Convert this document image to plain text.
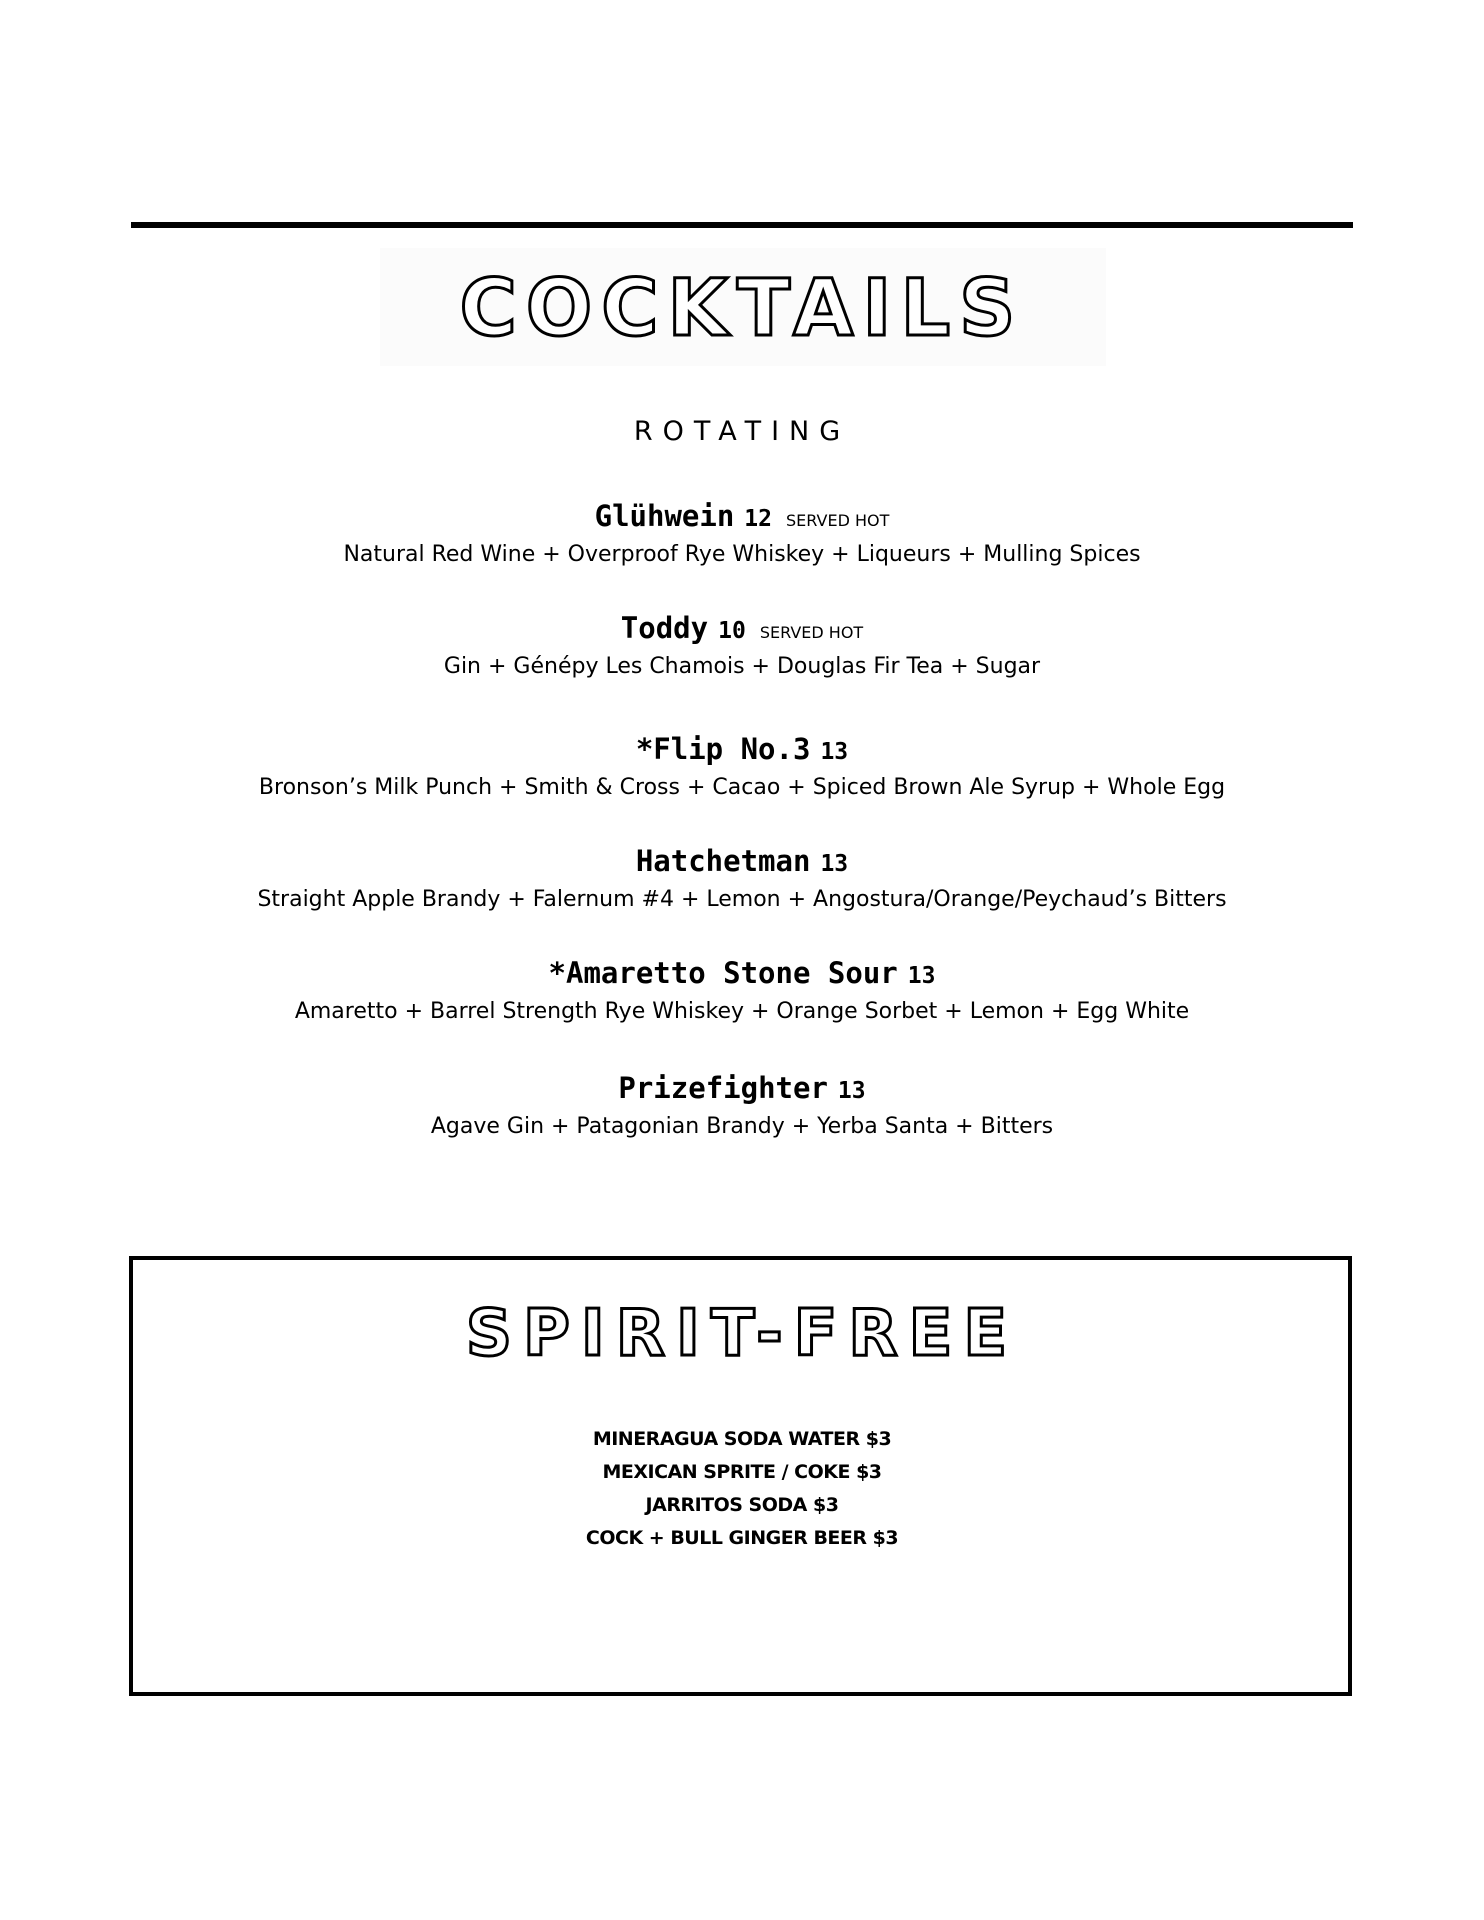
COCKTAILS
ROTATING
Glühwein 12 SERVED HOT
Natural Red Wine + Overproof Rye Whiskey + Liqueurs + Mulling Spices
Toddy 10 SERVED HOT
Gin + Génépy Les Chamois + Douglas Fir Tea + Sugar
*Flip No.3 13
Bronson’s Milk Punch + Smith & Cross + Cacao + Spiced Brown Ale Syrup + Whole Egg
Hatchetman 13
Straight Apple Brandy + Falernum #4 + Lemon + Angostura/Orange/Peychaud’s Bitters
*Amaretto Stone Sour 13
Amaretto + Barrel Strength Rye Whiskey + Orange Sorbet + Lemon + Egg White
Prizefighter 13
Agave Gin + Patagonian Brandy + Yerba Santa + Bitters
SPIRIT-FREE
MINERAGUA SODA WATER $3
MEXICAN SPRITE / COKE $3
JARRITOS SODA $3
COCK + BULL GINGER BEER $3
